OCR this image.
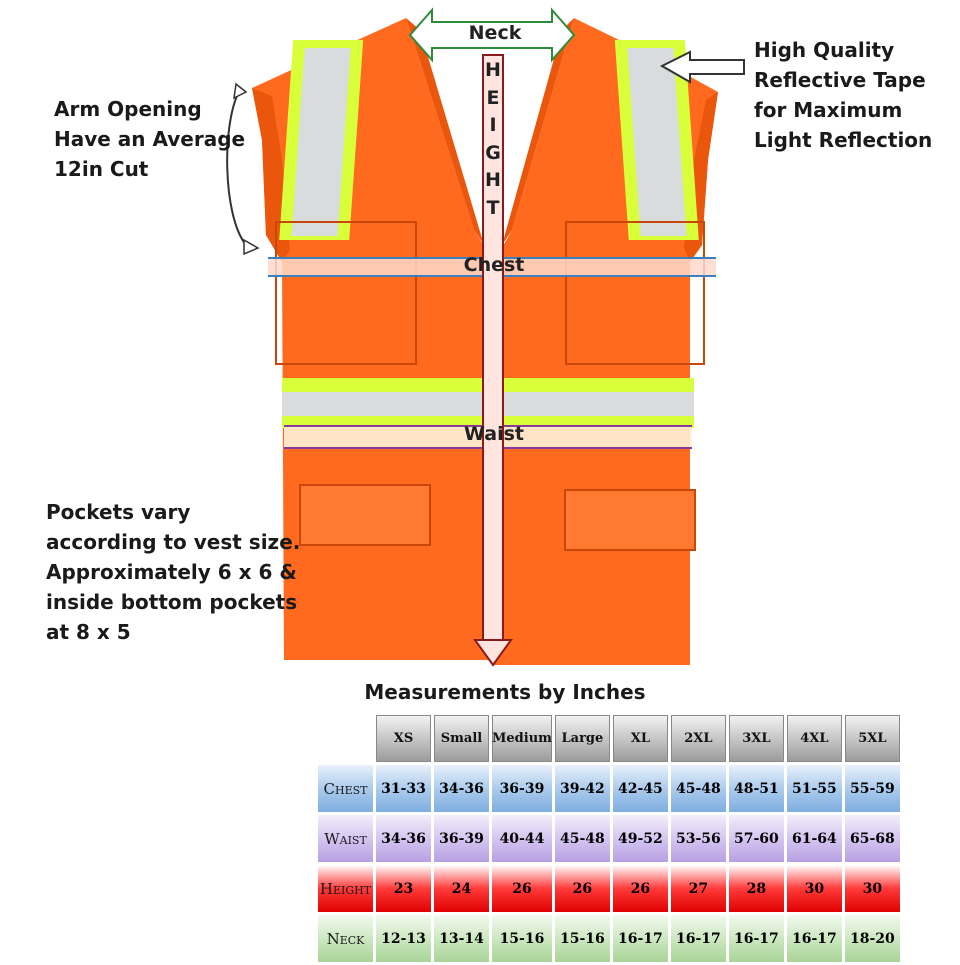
Arm Opening
Have an Average
12in Cut
High Quality
Reflective Tape
for Maximum
Light Reflection
Pockets vary
according to vest size.
Approximately 6 x 6 &
inside bottom pockets
at 8 x 5
Neck
Chest
Waist
H
E
I
G
H
T
Measurements by Inches
	XS	Small	Medium	Large	XL	2XL	3XL	4XL	5XL
Chest	31-33	34-36	36-39	39-42	42-45	45-48	48-51	51-55	55-59
Waist	34-36	36-39	40-44	45-48	49-52	53-56	57-60	61-64	65-68
Height	23	24	26	26	26	27	28	30	30
Neck	12-13	13-14	15-16	15-16	16-17	16-17	16-17	16-17	18-20
